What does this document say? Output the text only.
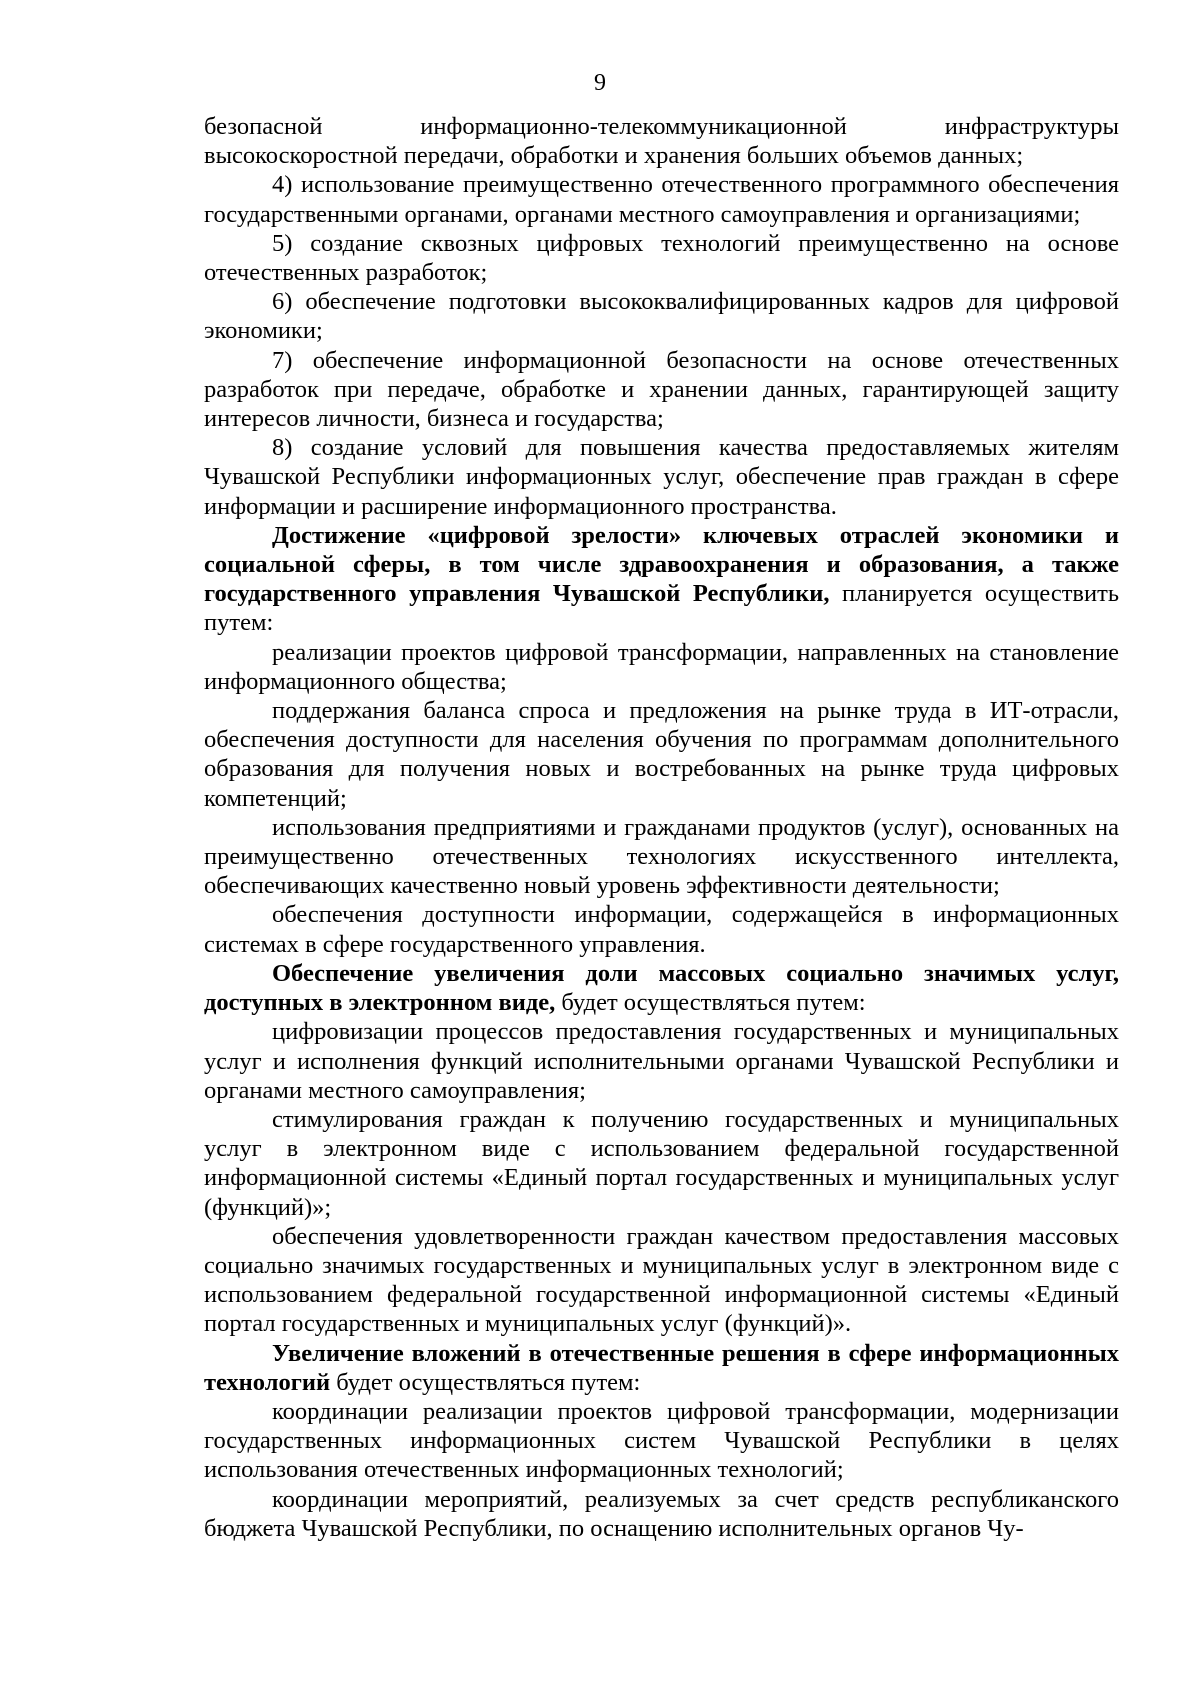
9

безопасной информационно-телекоммуникационной инфраструктуры высокоскоростной передачи, обработки и хранения больших объемов данных;

4) использование преимущественно отечественного программного обеспечения государственными органами, органами местного самоуправления и организациями;

5) создание сквозных цифровых технологий преимущественно на основе отечественных разработок;

6) обеспечение подготовки высококвалифицированных кадров для цифровой экономики;

7) обеспечение информационной безопасности на основе отечественных разработок при передаче, обработке и хранении данных, гарантирующей защиту интересов личности, бизнеса и государства;

8) создание условий для повышения качества предоставляемых жителям Чувашской Республики информационных услуг, обеспечение прав граждан в сфере информации и расширение информационного пространства.

Достижение «цифровой зрелости» ключевых отраслей экономики и социальной сферы, в том числе здравоохранения и образования, а также государственного управления Чувашской Республики, планируется осуществить путем:

реализации проектов цифровой трансформации, направленных на становление информационного общества;

поддержания баланса спроса и предложения на рынке труда в ИТ-отрасли, обеспечения доступности для населения обучения по программам дополнительного образования для получения новых и востребованных на рынке труда цифровых компетенций;

использования предприятиями и гражданами продуктов (услуг), основанных на преимущественно отечественных технологиях искусственного интеллекта, обеспечивающих качественно новый уровень эффективности деятельности;

обеспечения доступности информации, содержащейся в информационных системах в сфере государственного управления.

Обеспечение увеличения доли массовых социально значимых услуг, доступных в электронном виде, будет осуществляться путем:

цифровизации процессов предоставления государственных и муниципальных услуг и исполнения функций исполнительными органами Чувашской Республики и органами местного самоуправления;

стимулирования граждан к получению государственных и муниципальных услуг в электронном виде с использованием федеральной государственной информационной системы «Единый портал государственных и муниципальных услуг (функций)»;

обеспечения удовлетворенности граждан качеством предоставления массовых социально значимых государственных и муниципальных услуг в электронном виде с использованием федеральной государственной информационной системы «Единый портал государственных и муниципальных услуг (функций)».

Увеличение вложений в отечественные решения в сфере информационных технологий будет осуществляться путем:

координации реализации проектов цифровой трансформации, модернизации государственных информационных систем Чувашской Республики в целях использования отечественных информационных технологий;

координации мероприятий, реализуемых за счет средств республиканского бюджета Чувашской Республики, по оснащению исполнительных органов Чу-
